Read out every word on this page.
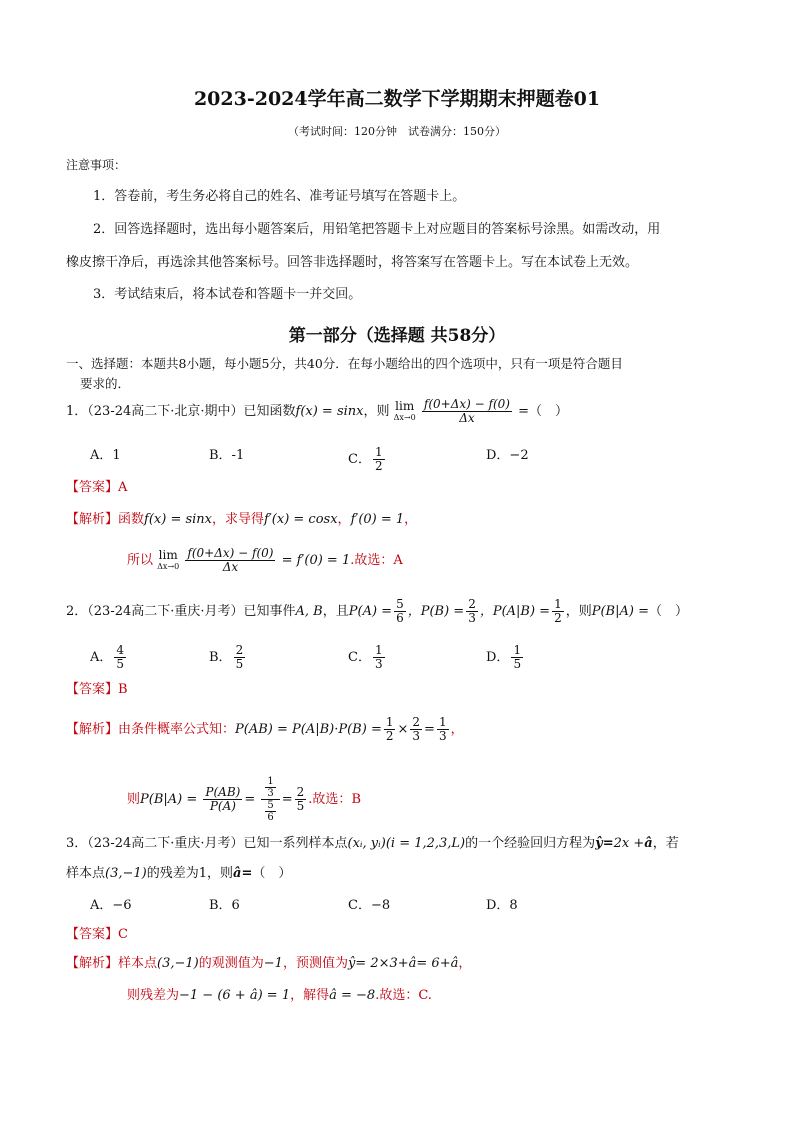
2023-2024学年高二数学下学期期末押题卷01
（考试时间：120分钟　试卷满分：150分）
注意事项：
1．答卷前，考生务必将自己的姓名、准考证号填写在答题卡上。
2．回答选择题时，选出每小题答案后，用铅笔把答题卡上对应题目的答案标号涂黑。如需改动，用
橡皮擦干净后，再选涂其他答案标号。回答非选择题时，将答案写在答题卡上。写在本试卷上无效。
3．考试结束后，将本试卷和答题卡一并交回。
第一部分（选择题 共58分）
一、选择题：本题共8小题，每小题5分，共40分．在每小题给出的四个选项中，只有一项是符合题目
要求的．
1．（23-24高二下·北京·期中）已知函数f(x) = sinx，则 lim
Δx→0
$\frac{f(0+\Delta x) - f(0)}{\Delta x}$ =（　）
A．1	B．-1	C． $\frac{1}{2}$	D．−2
【答案】A
【解析】函数f(x) = sinx，求导得f′(x) = cosx，f′(0) = 1，
所以 lim
Δx→0
$\frac{f(0+\Delta x) - f(0)}{\Delta x} = f'(0) = 1$.故选：A
2．（23-24高二下·重庆·月考）已知事件A, B，且$P(A) = \frac{5}{6}$ ，$P(B) = \frac{2}{3}$ ，$P(A|B) = \frac{1}{2}$ ，则P(B|A) =（　）
A． $\frac{4}{5}$	B． $\frac{2}{5}$	C． $\frac{1}{3}$	D． $\frac{1}{5}$
【答案】B
【解析】由条件概率公式知：$P(AB) = P(A|B)\cdot P(B) = \frac{1}{2} \times \frac{2}{3} = \frac{1}{3}$ ，
则$P(B|A) = \frac{P(AB)}{P(A)} = \frac{\frac{1}{3}}{\frac{5}{6}} = \frac{2}{5}$ .故选：B
3．（23-24高二下·重庆·月考）已知一系列样本点(xᵢ, yᵢ)(i = 1,2,3,L)的一个经验回归方程为ŷ=2x +â，若
样本点(3,−1)的残差为1，则â=（　）
A．−6	B．6	C．−8	D．8
【答案】C
【解析】样本点(3,−1)的观测值为−1，预测值为ŷ= 2×3+â= 6+â，
则残差为−1 − (6 + â) = 1，解得â = −8.故选：C.
